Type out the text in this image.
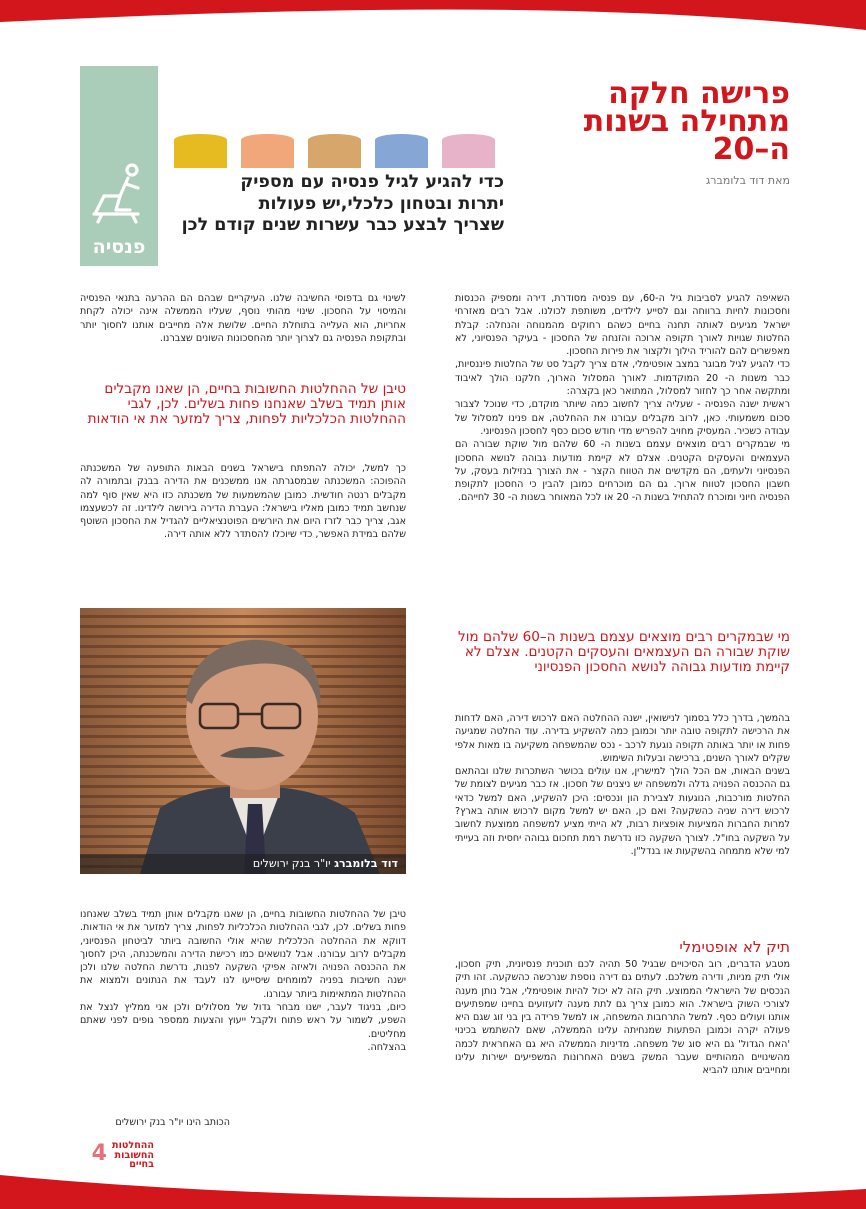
פנסיה
פרישה חלקה
מתחילה בשנות
ה–20
מאת דוד בלומברג
כדי להגיע לגיל פנסיה עם מספיק
יתרות ובטחון כלכלי,יש פעולות
שצריך לבצע כבר עשרות שנים קודם לכן

השאיפה להגיע לסביבות גיל ה-60, עם פנסיה מסודרת, דירה ומספיק הכנסות וחסכונות לחיות ברווחה וגם לסייע לילדים, משותפת לכולנו. אבל רבים מאזרחי ישראל מגיעים לאותה תחנה בחיים כשהם רחוקים מהמנוחה והנחלה: קבלת החלטות שגויות לאורך תקופה ארוכה והזנחה של החסכון - בעיקר הפנסיוני, לא מאפשרים להם להוריד הילוך ולקצור את פירות החסכון.

כדי להגיע לגיל מבוגר במצב אופטימלי, אדם צריך לקבל סט של החלטות פיננסיות, כבר משנות ה- 20 המוקדמות. לאורך המסלול הארוך, חלקנו הולך לאיבוד ומתקשה אחר כך לחזור למסלול, המתואר כאן בקצרה:

ראשית ישנה הפנסיה - שעליה צריך לחשוב כמה שיותר מוקדם, כדי שנוכל לצבור סכום משמעותי. כאן, לרוב מקבלים עבורנו את ההחלטה, אם פנינו למסלול של עבודה כשכיר. המעסיק מחויב להפריש מדי חודש סכום כסף לחסכון הפנסיוני.

מי שבמקרים רבים מוצאים עצמם בשנות ה- 60 שלהם מול שוקת שבורה הם העצמאים והעסקים הקטנים. אצלם לא קיימת מודעות גבוהה לנושא החסכון הפנסיוני ולעתים, הם מקדשים את הטווח הקצר - את הצורך בנזילות בעסק, על חשבון החסכון לטווח ארוך. גם הם מוכרחים כמובן להבין כי החסכון לתקופת הפנסיה חיוני ומוכרח להתחיל בשנות ה- 20 או לכל המאוחר בשנות ה- 30 לחייהם.

מי שבמקרים רבים מוצאים עצמם בשנות ה–60 שלהם מול שוקת שבורה הם העצמאים והעסקים הקטנים. אצלם לא קיימת מודעות גבוהה לנושא החסכון הפנסיוני

בהמשך, בדרך כלל בסמוך לנישואין, ישנה ההחלטה האם לרכוש דירה, האם לדחות את הרכישה לתקופה טובה יותר וכמובן כמה להשקיע בדירה. עוד החלטה שמגיעה פחות או יותר באותה תקופה נוגעת לרכב - נכס שהמשפחה משקיעה בו מאות אלפי שקלים לאורך השנים, ברכישה ובעלות השימוש.

בשנים הבאות, אם הכל הולך למישרין, אנו עולים בכושר השתכרות שלנו ובהתאם גם ההכנסה הפנויה גדלה ולמשפחה יש ניצנים של חסכון. אז כבר מגיעים לצומת של החלטות מורכבות, הנוגעות לצבירת הון ונכסים: היכן להשקיע, האם למשל כדאי לרכוש דירה שניה כהשקעה? ואם כן, האם יש למשל מקום לרכוש אותה בארץ? למרות החברות המציעות אופציות רבות, לא הייתי מציע למשפחה ממוצעת לחשוב על השקעה בחו"ל. לצורך השקעה כזו נדרשת רמת תחכום גבוהה יחסית וזה בעייתי למי שלא מתמחה בהשקעות או בנדל"ן.

תיק לא אופטימלי

מטבע הדברים, רוב הסיכויים שבגיל 50 תהיה לכם תוכנית פנסיונית, תיק חסכון, אולי תיק מניות, ודירה משלכם. לעתים גם דירה נוספת שנרכשה כהשקעה. זהו תיק הנכסים של הישראלי הממוצע. תיק הזה לא יכול להיות אופטימלי, אבל נותן מענה לצורכי השוק בישראל. הוא כמובן צריך גם לתת מענה לזעזועים בחיינו שמפתיעים אותנו ועולים כסף. למשל התרחבות המשפחה, או למשל פרידה בין בני זוג שגם היא פעולה יקרה וכמובן הפתעות שמנחיתה עלינו הממשלה, שאם להשתמש בכינוי 'האח הגדול' גם היא סוג של משפחה. מדיניות הממשלה היא גם האחראית לכמה מהשינויים המהותיים שעבר המשק בשנים האחרונות המשפיעים ישירות עלינו ומחייבים אותנו להביא

לשינוי גם בדפוסי החשיבה שלנו. העיקריים שבהם הם ההרעה בתנאי הפנסיה והמיסוי על החסכון. שינוי מהותי נוסף, שעליו הממשלה אינה יכולה לקחת אחריות, הוא העלייה בתוחלת החיים. שלושת אלה מחייבים אותנו לחסוך יותר ובתקופת הפנסיה גם לצרוך יותר מהחסכונות השונים שצברנו.

טיבן של ההחלטות החשובות בחיים, הן שאנו מקבלים אותן תמיד בשלב שאנחנו פחות בשלים. לכן, לגבי ההחלטות הכלכליות לפחות, צריך למזער את אי הודאות

כך למשל, יכולה להתפתח בישראל בשנים הבאות התופעה של המשכנתה ההפוכה: המשכנתה שבמסגרתה אנו ממשכנים את הדירה בבנק ובתמורה לה מקבלים רנטה חודשית. כמובן שהמשמעות של משכנתה כזו היא שאין סוף למה שנחשב תמיד כמובן מאליו בישראל: העברת הדירה בירושה לילדינו. זה לכשעצמו אגב, צריך כבר לזרז היום את היורשים הפוטנציאליים להגדיל את החסכון השוטף שלהם במידת האפשר, כדי שיוכלו להסתדר ללא אותה דירה.

דוד בלומברג יו"ר בנק ירושלים

טיבן של ההחלטות החשובות בחיים, הן שאנו מקבלים אותן תמיד בשלב שאנחנו פחות בשלים. לכן, לגבי ההחלטות הכלכליות לפחות, צריך למזער את אי הודאות. דווקא את ההחלטה הכלכלית שהיא אולי החשובה ביותר לביטחון הפנסיוני, מקבלים לרוב עבורנו. אבל לנושאים כמו רכישת הדירה והמשכנתה, היכן לחסוך את ההכנסה הפנויה ולאיזה אפיקי השקעה לפנות, נדרשת החלטה שלנו ולכן ישנה חשיבות בפניה למומחים שיסייעו לנו לעבד את הנתונים ולמצוא את ההחלטות המתאימות ביותר עבורנו.

כיום, בניגוד לעבר, ישנו מבחר גדול של מסלולים ולכן אני ממליץ לנצל את השפע, לשמור על ראש פתוח ולקבל ייעוץ והצעות ממספר גופים לפני שאתם מחליטים.

בהצלחה.

הכותב הינו יו"ר בנק ירושלים
4 ההחלטות
החשובות
בחיים
